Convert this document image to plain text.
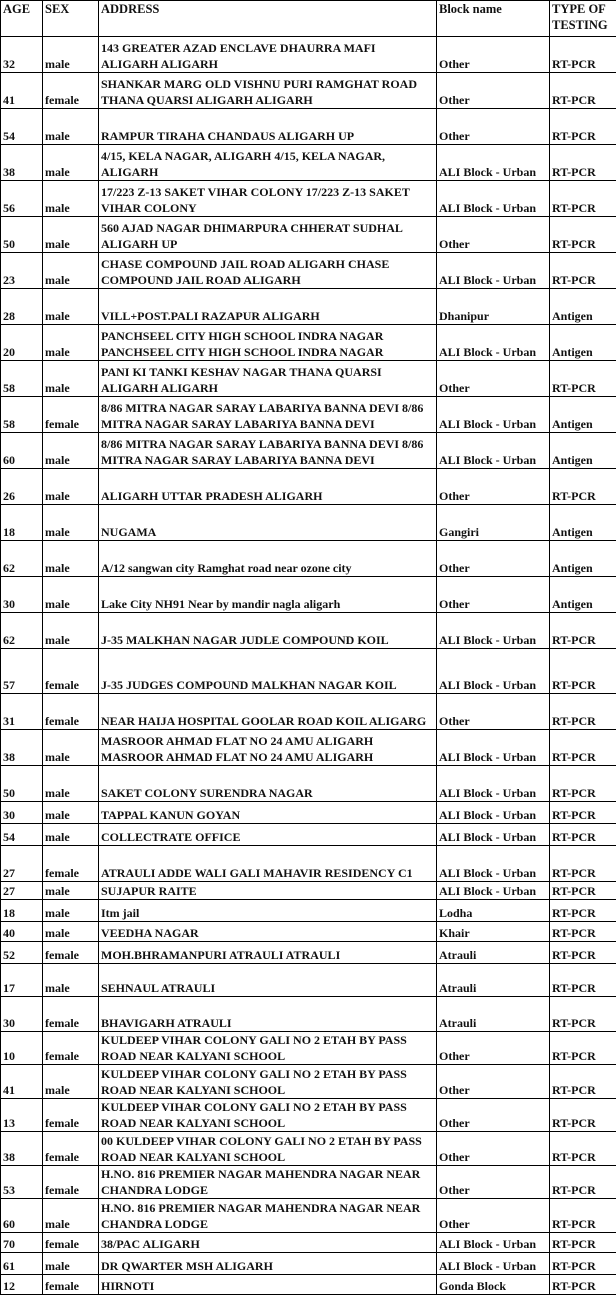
AGE	SEX	ADDRESS	Block name	TYPE OF TESTING
32	male	143 GREATER AZAD ENCLAVE DHAURRA MAFI ALIGARH ALIGARH	Other	RT-PCR
41	female	SHANKAR MARG OLD VISHNU PURI RAMGHAT ROAD THANA QUARSI ALIGARH ALIGARH	Other	RT-PCR
54	male	RAMPUR TIRAHA CHANDAUS ALIGARH UP	Other	RT-PCR
38	male	4/15, KELA NAGAR, ALIGARH 4/15, KELA NAGAR, ALIGARH	ALI Block - Urban	RT-PCR
56	male	17/223 Z-13 SAKET VIHAR COLONY 17/223 Z-13 SAKET VIHAR COLONY	ALI Block - Urban	RT-PCR
50	male	560 AJAD NAGAR DHIMARPURA CHHERAT SUDHAL ALIGARH UP	Other	RT-PCR
23	male	CHASE COMPOUND JAIL ROAD ALIGARH CHASE COMPOUND JAIL ROAD ALIGARH	ALI Block - Urban	RT-PCR
28	male	VILL+POST.PALI RAZAPUR ALIGARH	Dhanipur	Antigen
20	male	PANCHSEEL CITY HIGH SCHOOL INDRA NAGAR PANCHSEEL CITY HIGH SCHOOL INDRA NAGAR	ALI Block - Urban	Antigen
58	male	PANI KI TANKI KESHAV NAGAR THANA QUARSI ALIGARH ALIGARH	Other	RT-PCR
58	female	8/86 MITRA NAGAR SARAY LABARIYA BANNA DEVI 8/86 MITRA NAGAR SARAY LABARIYA BANNA DEVI	ALI Block - Urban	Antigen
60	male	8/86 MITRA NAGAR SARAY LABARIYA BANNA DEVI 8/86 MITRA NAGAR SARAY LABARIYA BANNA DEVI	ALI Block - Urban	Antigen
26	male	ALIGARH UTTAR PRADESH ALIGARH	Other	RT-PCR
18	male	NUGAMA	Gangiri	Antigen
62	male	A/12 sangwan city Ramghat road near ozone city	Other	Antigen
30	male	Lake City NH91 Near by mandir nagla aligarh	Other	Antigen
62	male	J-35 MALKHAN NAGAR JUDLE COMPOUND KOIL	ALI Block - Urban	RT-PCR
57	female	J-35 JUDGES COMPOUND MALKHAN NAGAR KOIL	ALI Block - Urban	RT-PCR
31	female	NEAR HAIJA HOSPITAL GOOLAR ROAD KOIL ALIGARG	Other	RT-PCR
38	male	MASROOR AHMAD FLAT NO 24 AMU ALIGARH MASROOR AHMAD FLAT NO 24 AMU ALIGARH	ALI Block - Urban	RT-PCR
50	male	SAKET COLONY SURENDRA NAGAR	ALI Block - Urban	RT-PCR
30	male	TAPPAL KANUN GOYAN	ALI Block - Urban	RT-PCR
54	male	COLLECTRATE OFFICE	ALI Block - Urban	RT-PCR
27	female	ATRAULI ADDE WALI GALI MAHAVIR RESIDENCY C1	ALI Block - Urban	RT-PCR
27	male	SUJAPUR RAITE	ALI Block - Urban	RT-PCR
18	male	Itm jail	Lodha	RT-PCR
40	male	VEEDHA NAGAR	Khair	RT-PCR
52	female	MOH.BHRAMANPURI ATRAULI ATRAULI	Atrauli	RT-PCR
17	male	SEHNAUL ATRAULI	Atrauli	RT-PCR
30	female	BHAVIGARH ATRAULI	Atrauli	RT-PCR
10	female	KULDEEP VIHAR COLONY GALI NO 2 ETAH BY PASS ROAD NEAR KALYANI SCHOOL	Other	RT-PCR
41	male	KULDEEP VIHAR COLONY GALI NO 2 ETAH BY PASS ROAD NEAR KALYANI SCHOOL	Other	RT-PCR
13	female	KULDEEP VIHAR COLONY GALI NO 2 ETAH BY PASS ROAD NEAR KALYANI SCHOOL	Other	RT-PCR
38	female	00 KULDEEP VIHAR COLONY GALI NO 2 ETAH BY PASS ROAD NEAR KALYANI SCHOOL	Other	RT-PCR
53	female	H.NO. 816 PREMIER NAGAR MAHENDRA NAGAR NEAR CHANDRA LODGE	Other	RT-PCR
60	male	H.NO. 816 PREMIER NAGAR MAHENDRA NAGAR NEAR CHANDRA LODGE	Other	RT-PCR
70	female	38/PAC ALIGARH	ALI Block - Urban	RT-PCR
61	male	DR QWARTER MSH ALIGARH	ALI Block - Urban	RT-PCR
12	female	HIRNOTI	Gonda Block	RT-PCR
